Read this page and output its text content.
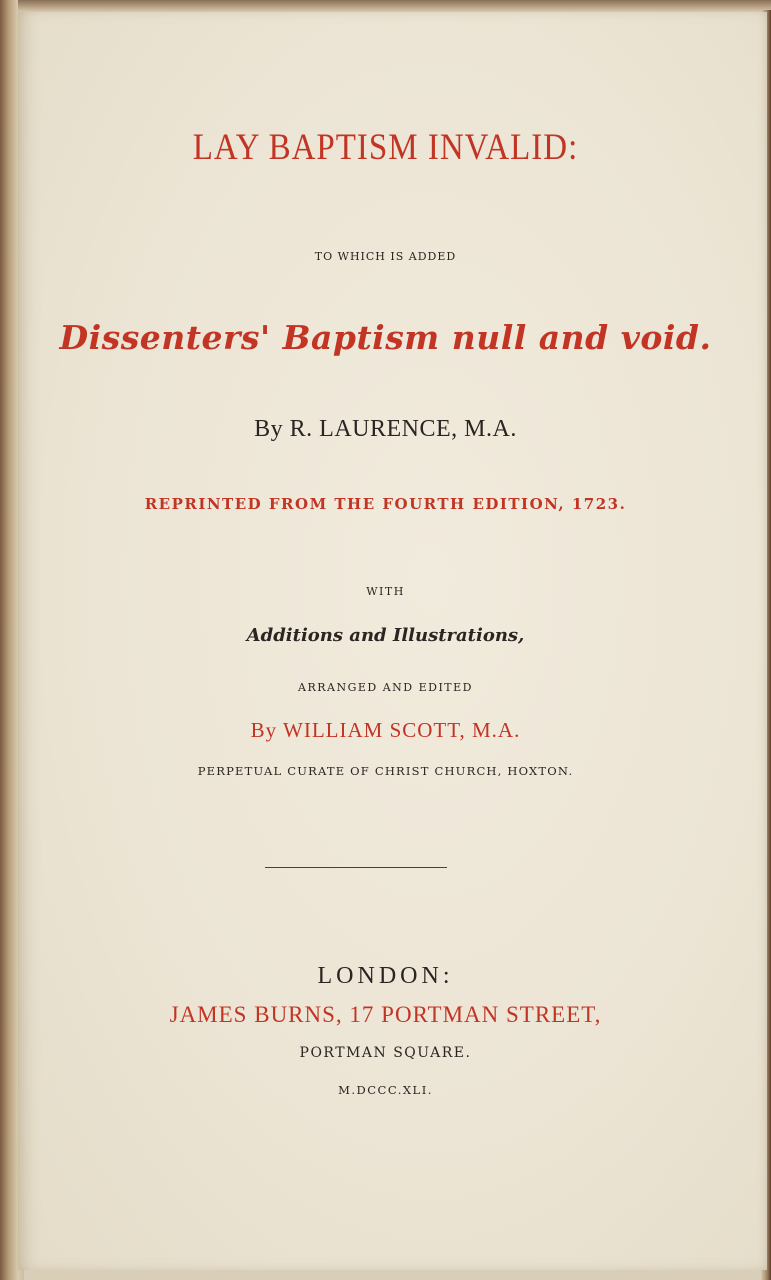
LAY BAPTISM INVALID:
TO WHICH IS ADDED
Dissenters' Baptism null and void.
By R. LAURENCE, M.A.
REPRINTED FROM THE FOURTH EDITION, 1723.
WITH
Additions and Illustrations,
ARRANGED AND EDITED
By WILLIAM SCOTT, M.A.
PERPETUAL CURATE OF CHRIST CHURCH, HOXTON.
LONDON:
JAMES BURNS, 17 PORTMAN STREET,
PORTMAN SQUARE.
M.DCCC.XLI.
